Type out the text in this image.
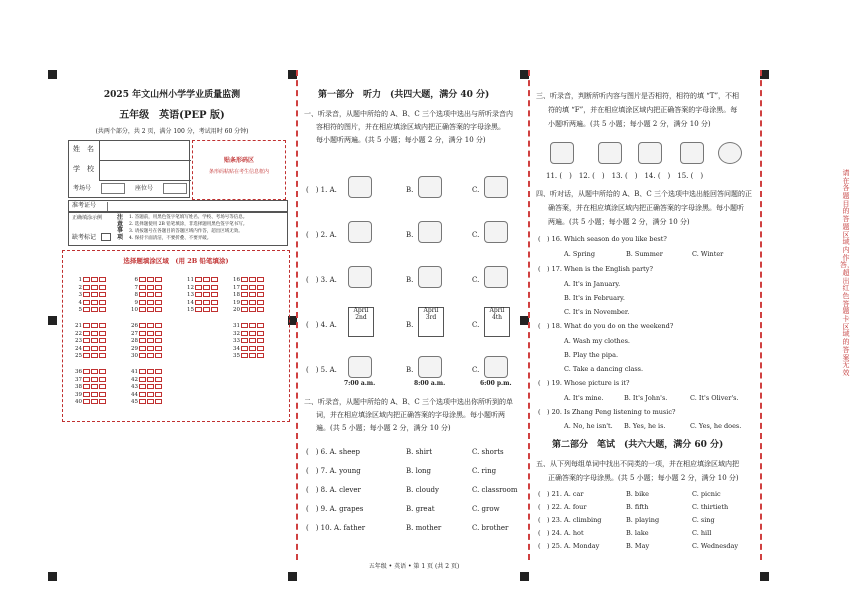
2025 年文山州小学学业质量监测
五年级　英语(PEP 版)
(共两个部分，共 2 页，满分 100 分，考试用时 60 分钟)
姓　名
学　校
考场号	座位号
贴条形码区
条形码粘贴在考生信息框内
准考证号
正确填涂示例
缺考标记
注意事项
1. 答题前，用黑色签字笔填写姓名、学校、考场号等信息。
2. 选择题使用 2B 铅笔填涂，非选择题用黑色签字笔书写。
3. 请按题号在各题目的答题区域内作答，超出区域无效。
4. 保持卡面清洁，不要折叠、不要弄破。
选择题填涂区域　(用 2B 铅笔填涂)
1
2
3
4
5
6
7
8
9
10
11
12
13
14
15
16
17
18
19
20
21
22
23
24
25
26
27
28
29
30
31
32
33
34
35
36
37
38
39
40
41
42
43
44
45
第一部分　听力　(共四大题，满分 40 分)
一、听录音，从题中所给的 A、B、C 三个选项中选出与所听录音内
容相符的图片，并在相应填涂区域内把正确答案的字母涂黑。
每小题听两遍。(共 5 小题；每小题 2 分，满分 10 分)
(　) 1. A.	B.	C.
(　) 2. A.	B.	C.
(　) 3. A.	B.	C.
(　) 4. A.	B.	C.
April
2nd
April
3rd
April
4th
(　) 5. A.	B.	C.
7:00 a.m.	8:00 a.m.	6:00 p.m.
二、听录音，从题中所给的 A、B、C 三个选项中选出你所听到的单
词，并在相应填涂区域内把正确答案的字母涂黑。每小题听两
遍。(共 5 小题；每小题 2 分，满分 10 分)
(　) 6. A. sheep	B. shirt	C. shorts
(　) 7. A. young	B. long	C. ring
(　) 8. A. clever	B. cloudy	C. classroom
(　) 9. A. grapes	B. great	C. grow
(　) 10. A. father	B. mother	C. brother
五年级 • 英语 • 第 1 页 (共 2 页)
三、听录音，判断所听内容与图片是否相符，相符的填 “T”，不相
符的填 “F”，并在相应填涂区域内把正确答案的字母涂黑。每
小题听两遍。(共 5 小题；每小题 2 分，满分 10 分)
11. (　)　12. (　)　13. (　)　14. (　)　15. (　)
四、听对话，从题中所给的 A、B、C 三个选项中选出能回答问题的正
确答案，并在相应填涂区域内把正确答案的字母涂黑。每小题听
两遍。(共 5 小题；每小题 2 分，满分 10 分)
(　) 16. Which season do you like best?
A. Spring	B. Summer	C. Winter
(　) 17. When is the English party?
A. It's in January.
B. It's in February.
C. It's in November.
(　) 18. What do you do on the weekend?
A. Wash my clothes.
B. Play the pipa.
C. Take a dancing class.
(　) 19. Whose picture is it?
A. It's mine.	B. It's John's.	C. It's Oliver's.
(　) 20. Is Zhang Peng listening to music?
A. No, he isn't. B. Yes, he is.	C. Yes, he does.
第二部分　笔试　(共六大题，满分 60 分)
五、从下列每组单词中找出不同类的一项，并在相应填涂区域内把
正确答案的字母涂黑。(共 5 小题；每小题 2 分，满分 10 分)
(　) 21. A. car	B. bike	C. picnic
(　) 22. A. four	B. fifth	C. thirtieth
(　) 23. A. climbing	B. playing	C. sing
(　) 24. A. hot	B. lake	C. hill
(　) 25. A. Monday	B. May	C. Wednesday
请在各题目的答题区域内作答，超出红色答题卡区域的答案无效
